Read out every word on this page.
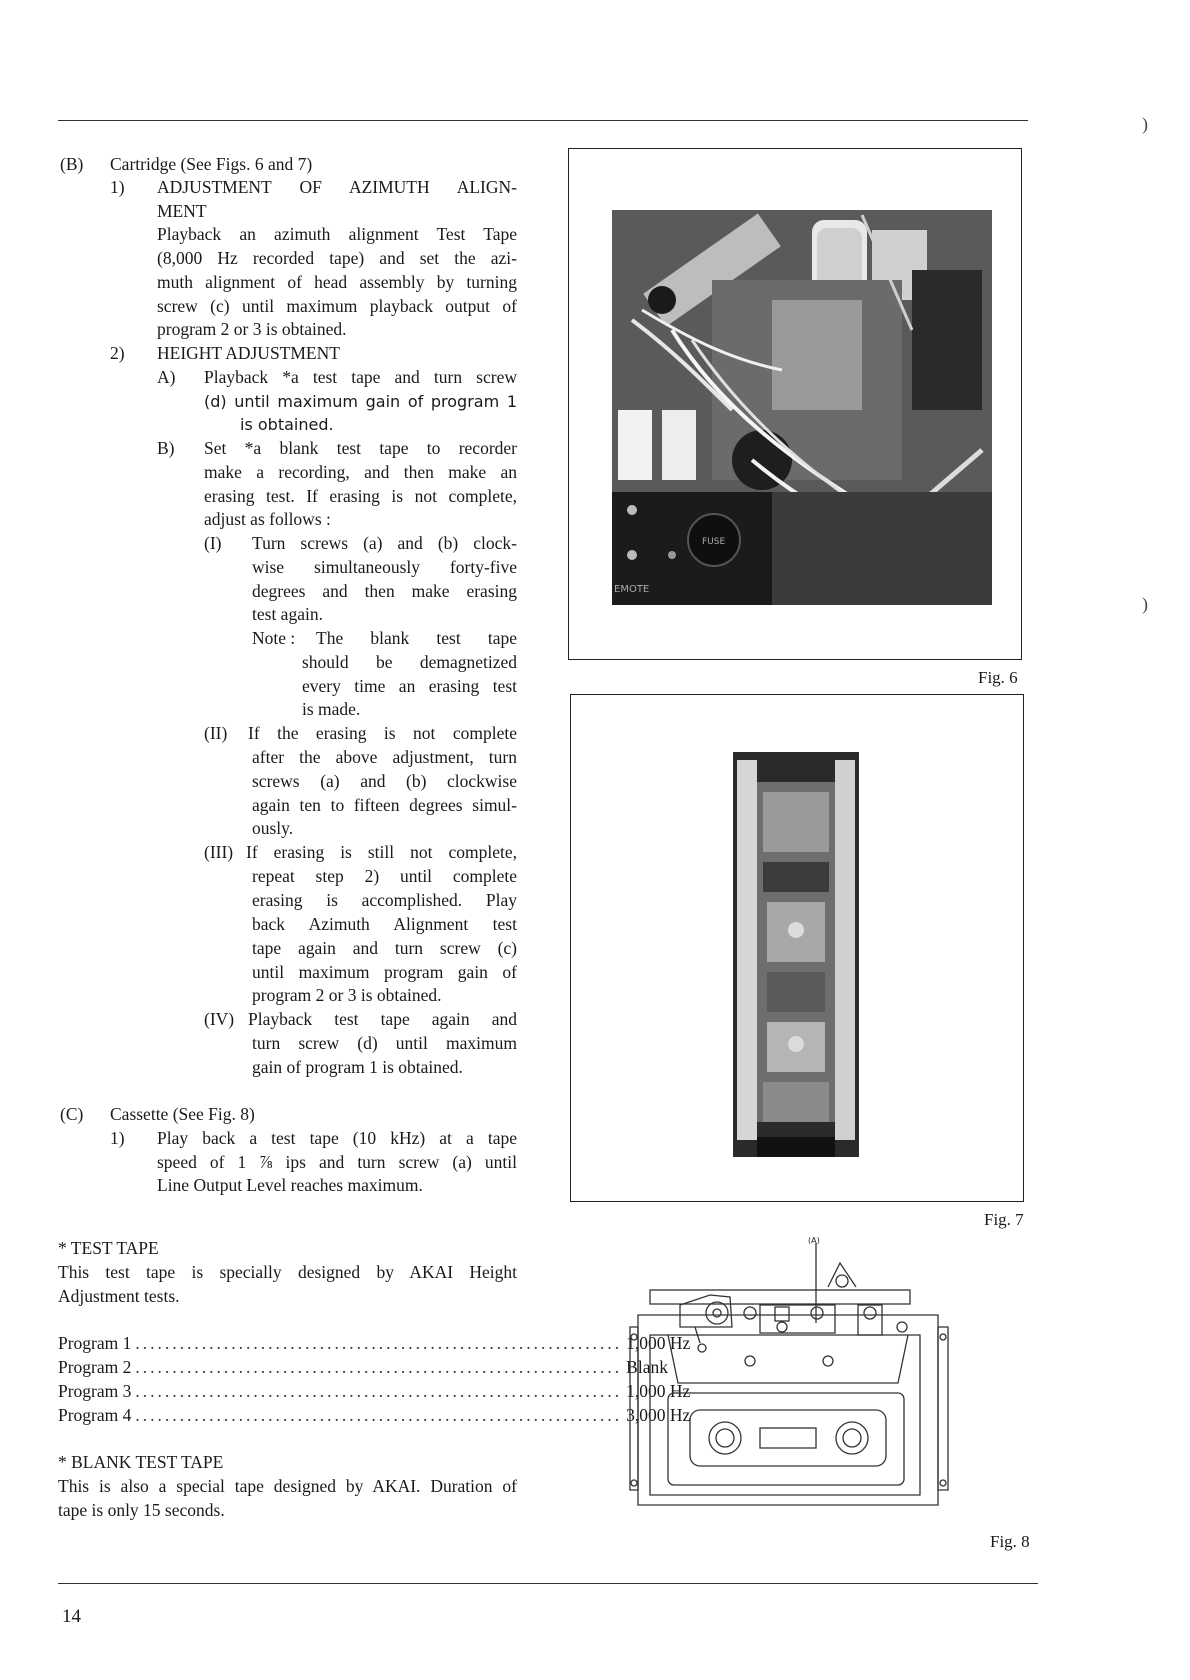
)
)
(B) Cartridge (See Figs. 6 and 7)
1) ADJUSTMENT OF AZIMUTH ALIGN-
MENT
Playback an azimuth alignment Test Tape
(8,000 Hz recorded tape) and set the azi-
muth alignment of head assembly by turning
screw (c) until maximum playback output of
program 2 or 3 is obtained.
2) HEIGHT ADJUSTMENT
A) Playback *a test tape and turn screw
(d) until maximum gain of program 1
is obtained.
B) Set *a blank test tape to recorder
make a recording, and then make an
erasing test. If erasing is not complete,
adjust as follows :
(I) Turn screws (a) and (b) clock-
wise simultaneously forty-five
degrees and then make erasing
test again.
Note : The blank test tape
should be demagnetized
every time an erasing test
is made.
(II) If the erasing is not complete
after the above adjustment, turn
screws (a) and (b) clockwise
again ten to fifteen degrees simul-
ously.
(III) If erasing is still not complete,
repeat step 2) until complete
erasing is accomplished. Play
back Azimuth Alignment test
tape again and turn screw (c)
until maximum program gain of
program 2 or 3 is obtained.
(IV) Playback test tape again and
turn screw (d) until maximum
gain of program 1 is obtained.
(C) Cassette (See Fig. 8)
1) Play back a test tape (10 kHz) at a tape
speed of 1 ⅞ ips and turn screw (a) until
Line Output Level reaches maximum.
* TEST TAPE
This test tape is specially designed by AKAI Height
Adjustment tests.
Program 1 .................................................................. 1,000 Hz
Program 2 .................................................................. Blank
Program 3 .................................................................. 1,000 Hz
Program 4 .................................................................. 3,000 Hz
* BLANK TEST TAPE
This is also a special tape designed by AKAI. Duration of
tape is only 15 seconds.
14
FUSE
EMOTE
Fig. 6
Fig. 7
(A)
Fig. 8
